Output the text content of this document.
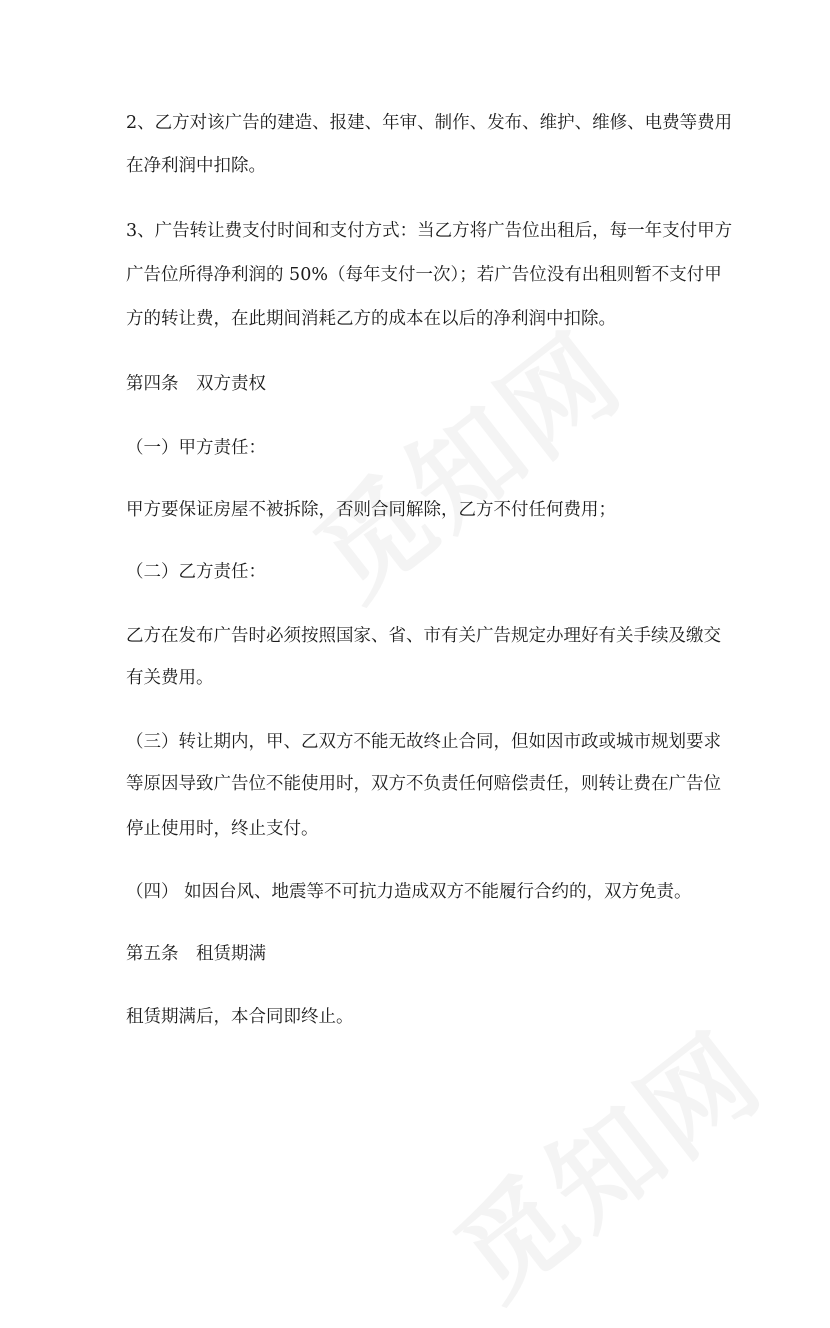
2、乙方对该广告的建造、报建、年审、制作、发布、维护、维修、电费等费用
在净利润中扣除。
3、广告转让费支付时间和支付方式：当乙方将广告位出租后，每一年支付甲方
广告位所得净利润的 50%（每年支付一次）；若广告位没有出租则暂不支付甲
方的转让费，在此期间消耗乙方的成本在以后的净利润中扣除。
第四条　双方责权
（一）甲方责任：
甲方要保证房屋不被拆除，否则合同解除，乙方不付任何费用；
（二）乙方责任：
乙方在发布广告时必须按照国家、省、市有关广告规定办理好有关手续及缴交
有关费用。
（三）转让期内，甲、乙双方不能无故终止合同，但如因市政或城市规划要求
等原因导致广告位不能使用时，双方不负责任何赔偿责任，则转让费在广告位
停止使用时，终止支付。
（四） 如因台风、地震等不可抗力造成双方不能履行合约的，双方免责。
第五条　租赁期满
租赁期满后，本合同即终止。
